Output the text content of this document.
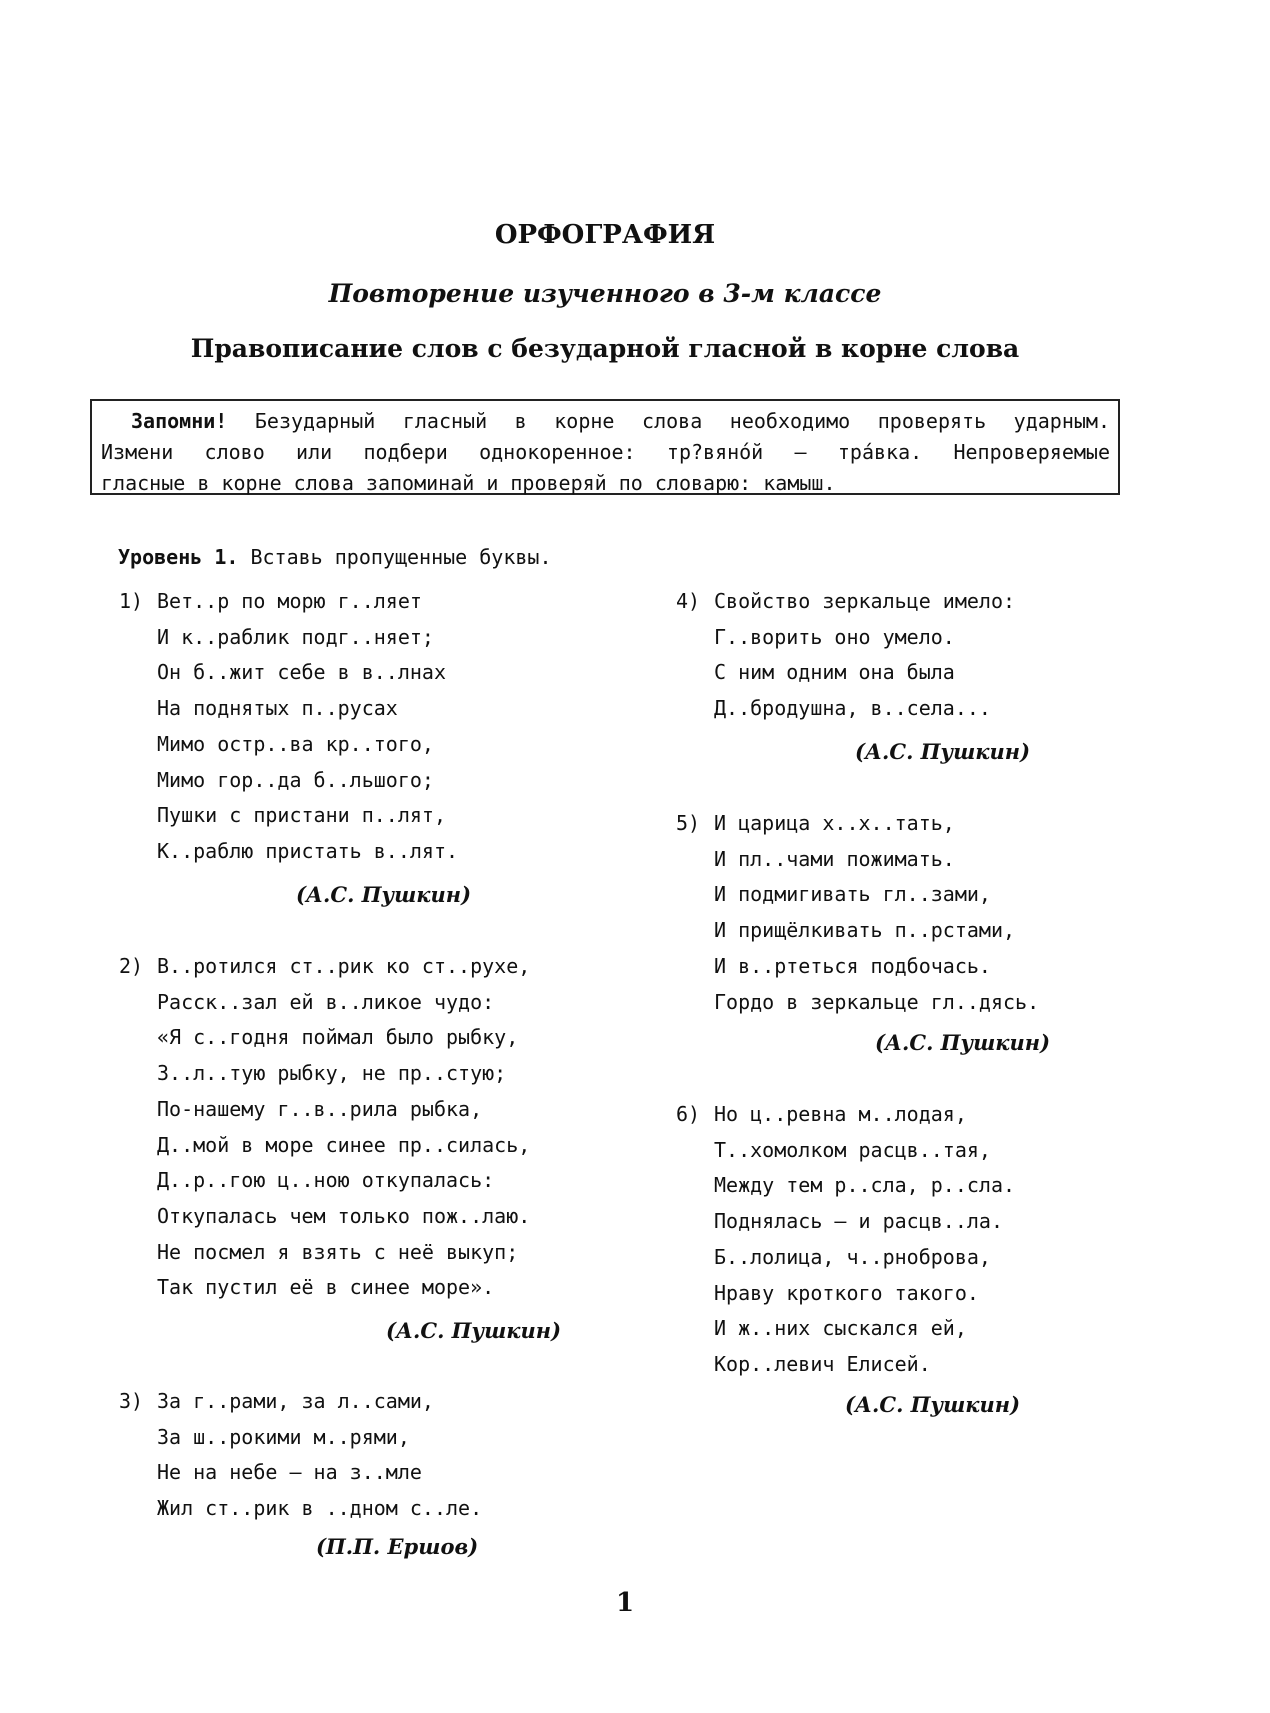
ОРФОГРАФИЯ
Повторение изученного в 3-м классе
Правописание слов с безударной гласной в корне слова
Запомни! Безударный гласный в корне слова необходимо проверять ударным.
Измени слово или подбери однокоренное: тр?вянóй — тра́вка. Непроверяемые
гласные в корне слова запоминай и проверяй по словарю: камыш.
Уровень 1. Вставь пропущенные буквы.
1) Вет..р по морю г..ляет
И к..раблик подг..няет;
Он б..жит себе в в..лнах
На поднятых п..русах
Мимо остр..ва кр..того,
Мимо гор..да б..льшого;
Пушки с пристани п..лят,
К..раблю пристать в..лят.
(А.С. Пушкин)
2) В..ротился ст..рик ко ст..рухе,
Расск..зал ей в..ликое чудо:
«Я с..годня поймал было рыбку,
З..л..тую рыбку, не пр..стую;
По-нашему г..в..рила рыбка,
Д..мой в море синее пр..силась,
Д..р..гою ц..ною откупалась:
Откупалась чем только пож..лаю.
Не посмел я взять с неё выкуп;
Так пустил её в синее море».
(А.С. Пушкин)
3) За г..рами, за л..сами,
За ш..рокими м..рями,
Не на небе — на з..мле
Жил ст..рик в ..дном с..ле.
(П.П. Ершов)
4) Свойство зеркальце имело:
Г..ворить оно умело.
С ним одним она была
Д..бродушна, в..села...
(А.С. Пушкин)
5) И царица х..х..тать,
И пл..чами пожимать.
И подмигивать гл..зами,
И прищёлкивать п..рстами,
И в..ртеться подбочась.
Гордо в зеркальце гл..дясь.
(А.С. Пушкин)
6) Но ц..ревна м..лодая,
Т..хомолком расцв..тая,
Между тем р..сла, р..сла.
Поднялась — и расцв..ла.
Б..лолица, ч..рноброва,
Нраву кроткого такого.
И ж..них сыскался ей,
Кор..левич Елисей.
(А.С. Пушкин)
1
